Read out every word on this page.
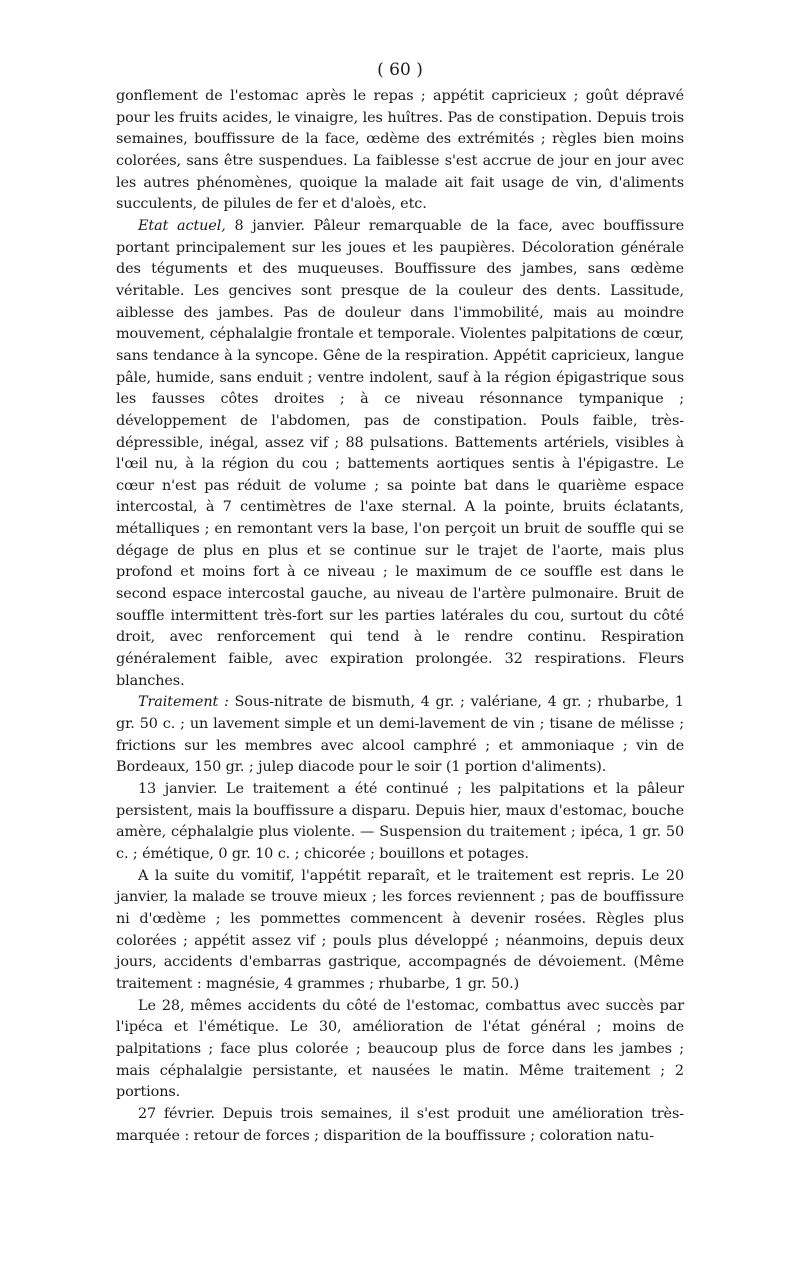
( 60 )

gonflement de l'estomac après le repas ; appétit capricieux ; goût dépravé pour les fruits acides, le vinaigre, les huîtres. Pas de constipation. Depuis trois semaines, bouffissure de la face, œdème des extrémités ; règles bien moins colorées, sans être suspendues. La faiblesse s'est accrue de jour en jour avec les autres phénomènes, quoique la malade ait fait usage de vin, d'aliments succulents, de pilules de fer et d'aloès, etc.

Etat actuel, 8 janvier. Pâleur remarquable de la face, avec bouffissure portant principalement sur les joues et les paupières. Décoloration générale des téguments et des muqueuses. Bouffissure des jambes, sans œdème véritable. Les gencives sont presque de la couleur des dents. Lassitude, aiblesse des jambes. Pas de douleur dans l'immobilité, mais au moindre mouvement, céphalalgie frontale et temporale. Violentes palpitations de cœur, sans tendance à la syncope. Gêne de la respiration. Appétit capricieux, langue pâle, humide, sans enduit ; ventre indolent, sauf à la région épigastrique sous les fausses côtes droites ; à ce niveau résonnance tympanique ; développement de l'abdomen, pas de constipation. Pouls faible, très-dépressible, inégal, assez vif ; 88 pulsations. Battements artériels, visibles à l'œil nu, à la région du cou ; battements aortiques sentis à l'épigastre. Le cœur n'est pas réduit de volume ; sa pointe bat dans le quarième espace intercostal, à 7 centimètres de l'axe sternal. A la pointe, bruits éclatants, métalliques ; en remontant vers la base, l'on perçoit un bruit de souffle qui se dégage de plus en plus et se continue sur le trajet de l'aorte, mais plus profond et moins fort à ce niveau ; le maximum de ce souffle est dans le second espace intercostal gauche, au niveau de l'artère pulmonaire. Bruit de souffle intermittent très-fort sur les parties latérales du cou, surtout du côté droit, avec renforcement qui tend à le rendre continu. Respiration généralement faible, avec expiration prolongée. 32 respirations. Fleurs blanches.

Traitement : Sous-nitrate de bismuth, 4 gr. ; valériane, 4 gr. ; rhubarbe, 1 gr. 50 c. ; un lavement simple et un demi-lavement de vin ; tisane de mélisse ; frictions sur les membres avec alcool camphré ; et ammoniaque ; vin de Bordeaux, 150 gr. ; julep diacode pour le soir (1 portion d'aliments).

13 janvier. Le traitement a été continué ; les palpitations et la pâleur persistent, mais la bouffissure a disparu. Depuis hier, maux d'estomac, bouche amère, céphalalgie plus violente. — Suspension du traitement ; ipéca, 1 gr. 50 c. ; émétique, 0 gr. 10 c. ; chicorée ; bouillons et potages.

A la suite du vomitif, l'appétit reparaît, et le traitement est repris. Le 20 janvier, la malade se trouve mieux ; les forces reviennent ; pas de bouffissure ni d'œdème ; les pommettes commencent à devenir rosées. Règles plus colorées ; appétit assez vif ; pouls plus développé ; néanmoins, depuis deux jours, accidents d'embarras gastrique, accompagnés de dévoiement. (Même traitement : magnésie, 4 grammes ; rhubarbe, 1 gr. 50.)

Le 28, mêmes accidents du côté de l'estomac, combattus avec succès par l'ipéca et l'émétique. Le 30, amélioration de l'état général ; moins de palpitations ; face plus colorée ; beaucoup plus de force dans les jambes ; mais céphalalgie persistante, et nausées le matin. Même traitement ; 2 portions.

27 février. Depuis trois semaines, il s'est produit une amélioration très-marquée : retour de forces ; disparition de la bouffissure ; coloration natu-
